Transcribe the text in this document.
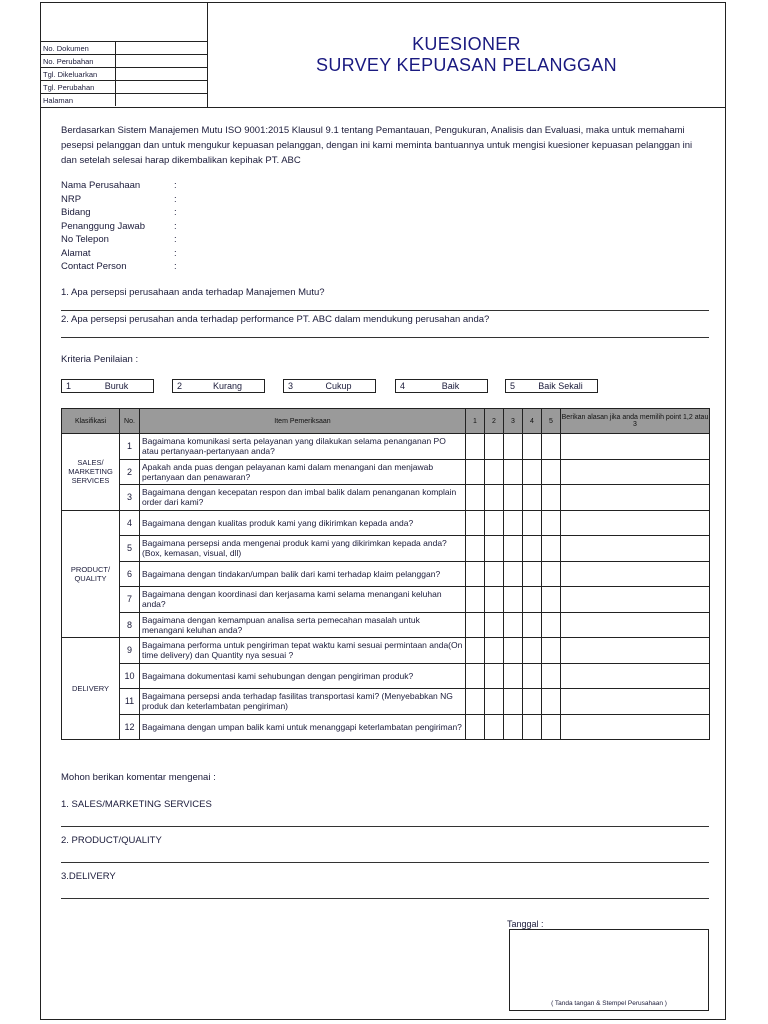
No. Dokumen	
No. Perubahan	
Tgl. Dikeluarkan	
Tgl. Perubahan	
Halaman	
KUESIONER
SURVEY KEPUASAN PELANGGAN
Berdasarkan Sistem Manajemen Mutu ISO 9001:2015 Klausul 9.1 tentang Pemantauan, Pengukuran, Analisis dan Evaluasi, maka untuk memahami pesepsi pelanggan dan untuk mengukur kepuasan pelanggan, dengan ini kami meminta bantuannya untuk mengisi kuesioner kepuasan pelanggan ini dan setelah selesai harap dikembalikan kepihak PT. ABC
Nama Perusahaan	:
NRP	:
Bidang	:
Penanggung Jawab	:
No Telepon	:
Alamat	:
Contact Person	:
1. Apa persepsi perusahaan anda terhadap Manajemen Mutu?
2. Apa persepsi perusahan anda terhadap performance PT. ABC dalam mendukung perusahan anda?
Kriteria Penilaian :
1	Buruk	2	Kurang	3	Cukup	4	Baik	5	Baik Sekali
Klasifikasi	No.	Item Pemeriksaan	1	2	3	4	5	Berikan alasan jika anda memilih point 1,2 atau 3
SALES/ MARKETING SERVICES	1	Bagaimana komunikasi serta pelayanan yang dilakukan selama penanganan PO atau pertanyaan-pertanyaan anda?						
	2	Apakah anda puas dengan pelayanan kami dalam menangani dan menjawab pertanyaan dan penawaran?						
	3	Bagaimana dengan kecepatan respon dan imbal balik dalam penanganan komplain order dari kami?						
PRODUCT/ QUALITY	4	Bagaimana dengan kualitas produk kami yang dikirimkan kepada anda?						
	5	Bagaimana persepsi anda mengenai produk kami yang dikirimkan kepada anda? (Box, kemasan, visual, dll)						
	6	Bagaimana dengan tindakan/umpan balik dari kami terhadap klaim pelanggan?						
	7	Bagaimana dengan koordinasi dan kerjasama kami selama menangani keluhan anda?						
	8	Bagaimana dengan kemampuan analisa serta pemecahan masalah untuk menangani keluhan anda?						
DELIVERY	9	Bagaimana performa untuk pengiriman tepat waktu kami sesuai permintaan anda(On time delivery) dan Quantity nya sesuai ?						
	10	Bagaimana dokumentasi kami sehubungan dengan pengiriman produk?						
	11	Bagaimana persepsi anda terhadap fasilitas transportasi kami? (Menyebabkan NG produk dan keterlambatan pengiriman)						
	12	Bagaimana dengan umpan balik kami untuk menanggapi keterlambatan pengiriman?						
Mohon berikan komentar mengenai :
1. SALES/MARKETING SERVICES
2. PRODUCT/QUALITY
3.DELIVERY
Tanggal :
( Tanda tangan & Stempel Perusahaan )
